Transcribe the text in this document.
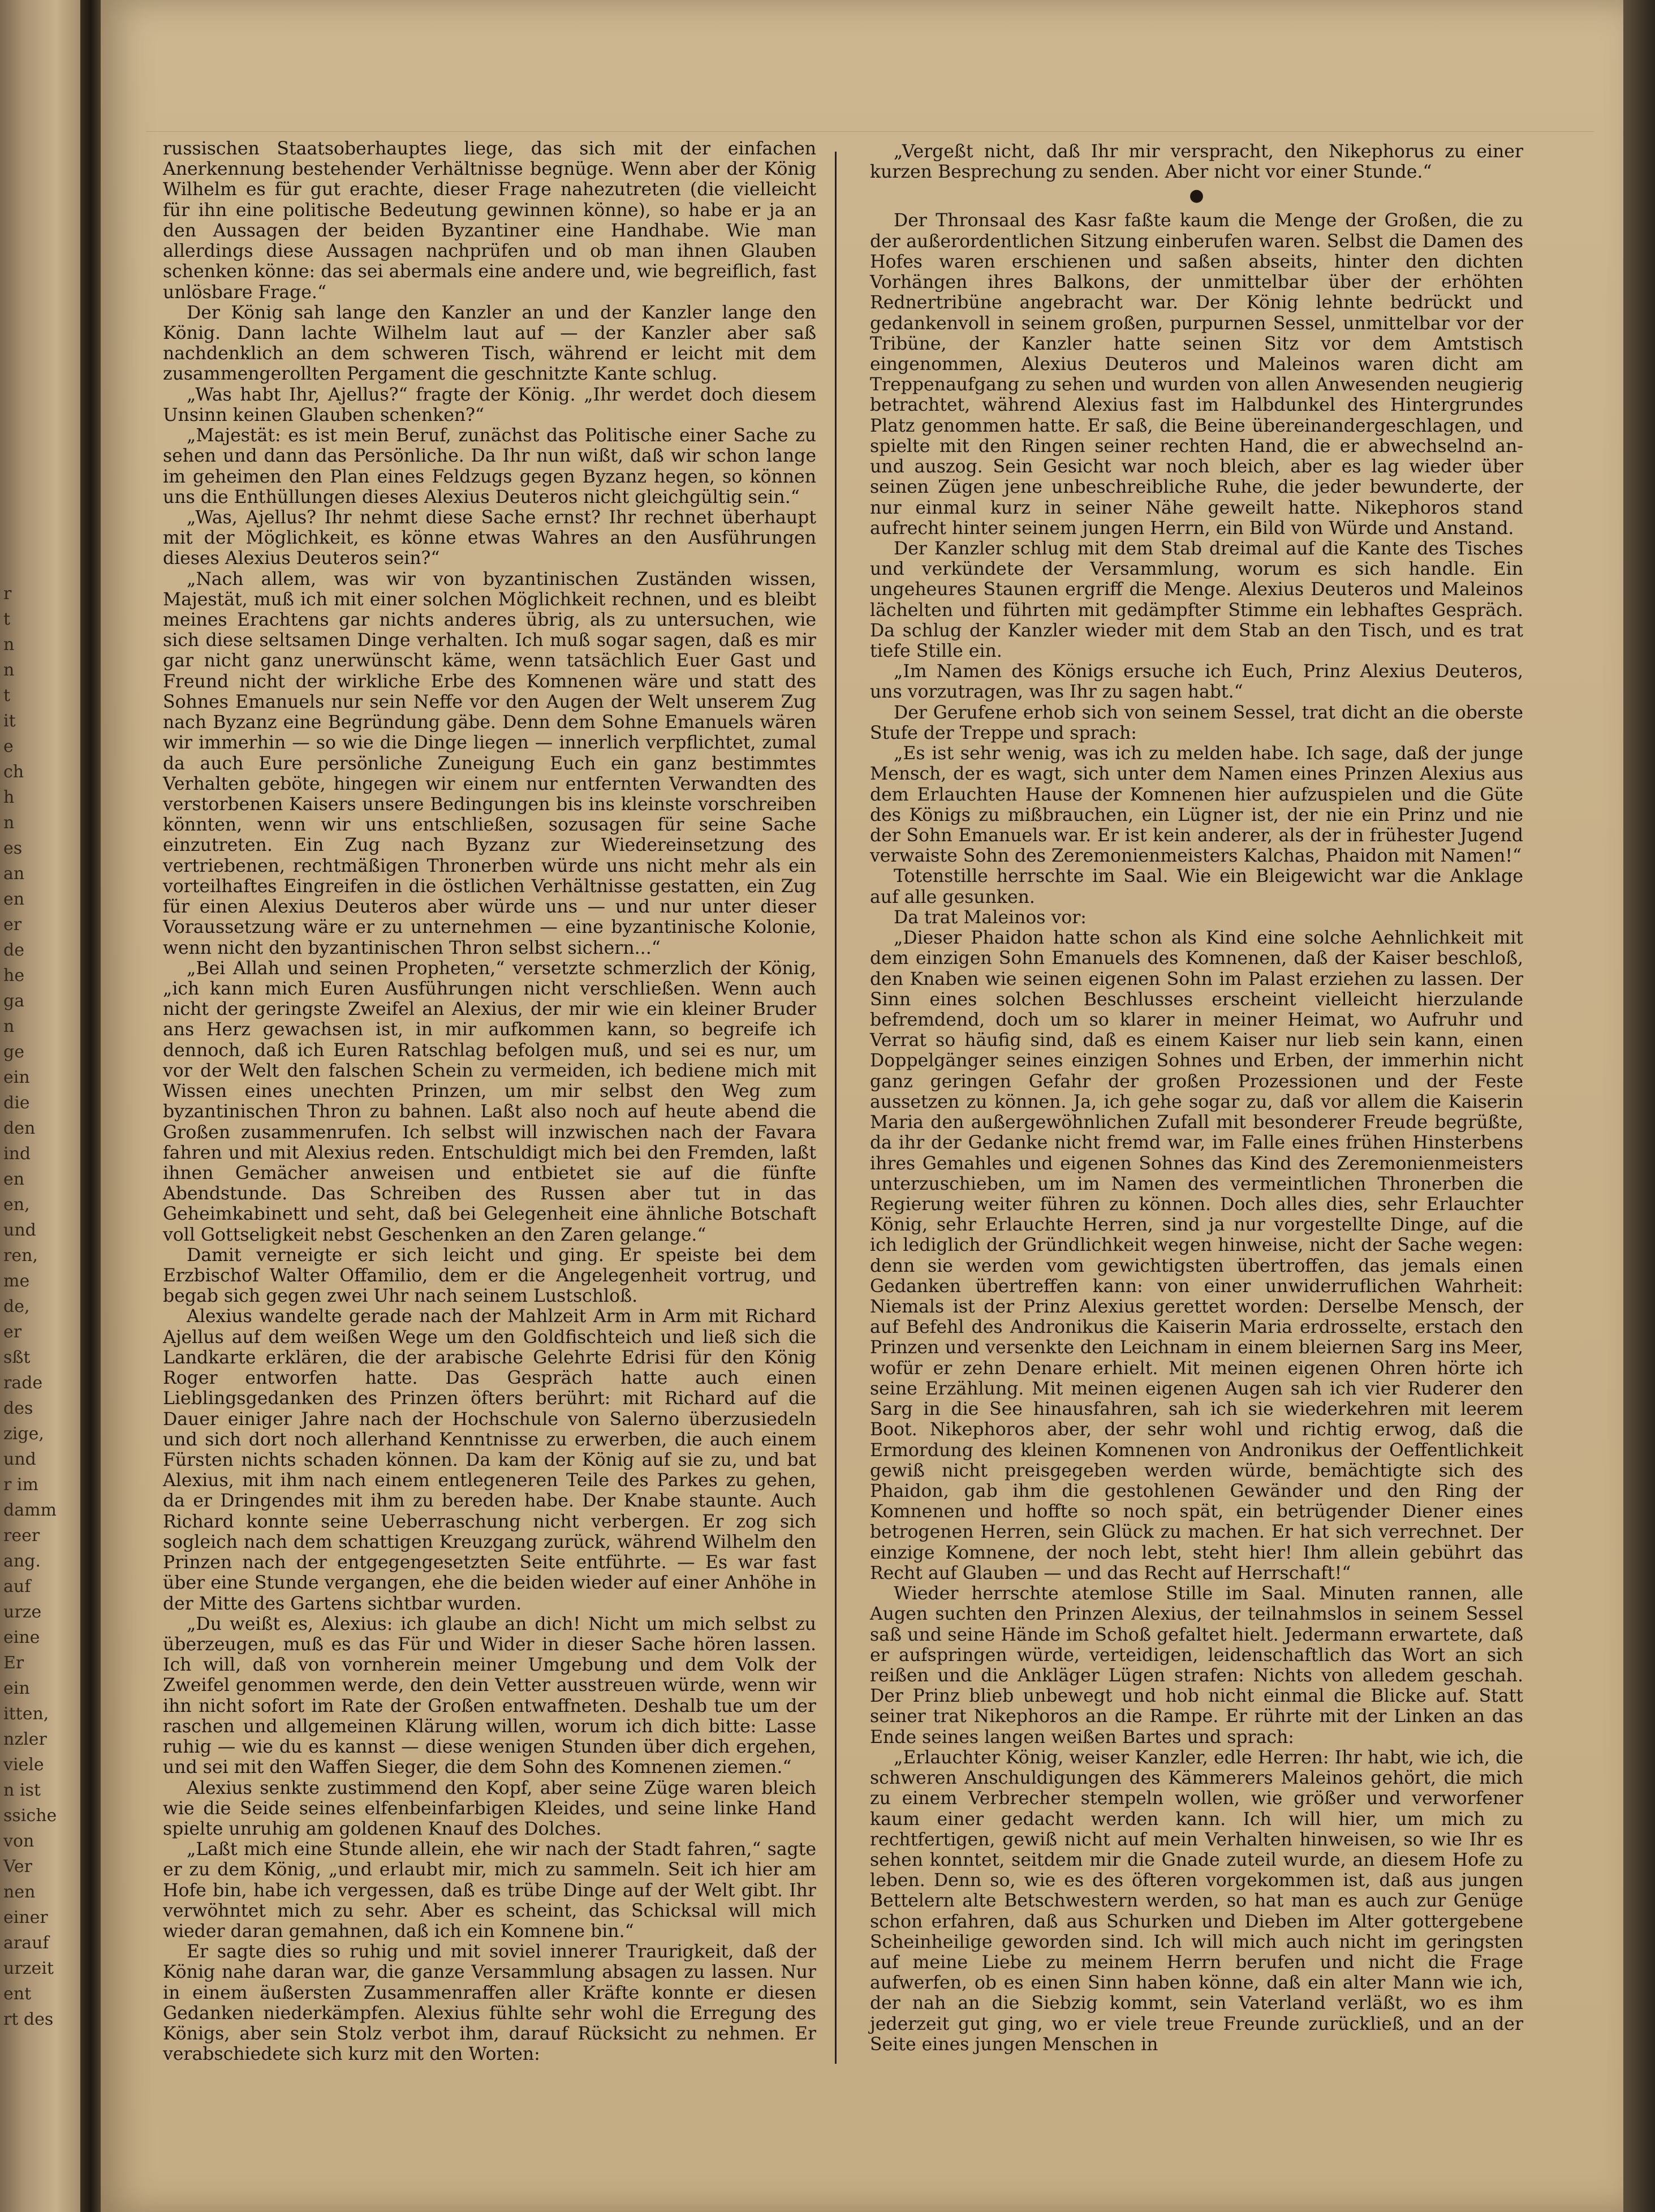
r
t
n
n
t
it
e
ch
h
n
es
an
en
er
de
he
ga
n
ge
ein
die
den
ind
en
en,
und
ren,
me
de,
er
sßt
rade
des
zige,
und
r im
damm
reer
ang.
auf
urze
eine
Er
ein
itten,
nzler
viele
n ist
ssiche
von
Ver
nen
einer
arauf
urzeit
ent
rt des

russischen Staatsoberhauptes liege, das sich mit der einfachen Anerkennung bestehender Verhältnisse begnüge. Wenn aber der König Wilhelm es für gut erachte, dieser Frage nahezutreten (die vielleicht für ihn eine politische Bedeutung gewinnen könne), so habe er ja an den Aussagen der beiden Byzantiner eine Handhabe. Wie man allerdings diese Aussagen nachprüfen und ob man ihnen Glauben schenken könne: das sei abermals eine andere und, wie begreiflich, fast unlösbare Frage.“

Der König sah lange den Kanzler an und der Kanzler lange den König. Dann lachte Wilhelm laut auf — der Kanzler aber saß nachdenklich an dem schweren Tisch, während er leicht mit dem zusammengerollten Pergament die geschnitzte Kante schlug.

„Was habt Ihr, Ajellus?“ fragte der König. „Ihr werdet doch diesem Unsinn keinen Glauben schenken?“

„Majestät: es ist mein Beruf, zunächst das Politische einer Sache zu sehen und dann das Persönliche. Da Ihr nun wißt, daß wir schon lange im geheimen den Plan eines Feldzugs gegen Byzanz hegen, so können uns die Enthüllungen dieses Alexius Deuteros nicht gleichgültig sein.“

„Was, Ajellus? Ihr nehmt diese Sache ernst? Ihr rechnet überhaupt mit der Möglichkeit, es könne etwas Wahres an den Ausführungen dieses Alexius Deuteros sein?“

„Nach allem, was wir von byzantinischen Zuständen wissen, Majestät, muß ich mit einer solchen Möglichkeit rechnen, und es bleibt meines Erachtens gar nichts anderes übrig, als zu untersuchen, wie sich diese seltsamen Dinge verhalten. Ich muß sogar sagen, daß es mir gar nicht ganz unerwünscht käme, wenn tatsächlich Euer Gast und Freund nicht der wirkliche Erbe des Komnenen wäre und statt des Sohnes Emanuels nur sein Neffe vor den Augen der Welt unserem Zug nach Byzanz eine Begründung gäbe. Denn dem Sohne Emanuels wären wir immerhin — so wie die Dinge liegen — innerlich verpflichtet, zumal da auch Eure persönliche Zuneigung Euch ein ganz bestimmtes Verhalten geböte, hingegen wir einem nur entfernten Verwandten des verstorbenen Kaisers unsere Bedingungen bis ins kleinste vorschreiben könnten, wenn wir uns entschließen, sozusagen für seine Sache einzutreten. Ein Zug nach Byzanz zur Wiedereinsetzung des vertriebenen, rechtmäßigen Thronerben würde uns nicht mehr als ein vorteilhaftes Eingreifen in die östlichen Verhältnisse gestatten, ein Zug für einen Alexius Deuteros aber würde uns — und nur unter dieser Voraussetzung wäre er zu unternehmen — eine byzantinische Kolonie, wenn nicht den byzantinischen Thron selbst sichern...“

„Bei Allah und seinen Propheten,“ versetzte schmerzlich der König, „ich kann mich Euren Ausführungen nicht verschließen. Wenn auch nicht der geringste Zweifel an Alexius, der mir wie ein kleiner Bruder ans Herz gewachsen ist, in mir aufkommen kann, so begreife ich dennoch, daß ich Euren Ratschlag befolgen muß, und sei es nur, um vor der Welt den falschen Schein zu vermeiden, ich bediene mich mit Wissen eines unechten Prinzen, um mir selbst den Weg zum byzantinischen Thron zu bahnen. Laßt also noch auf heute abend die Großen zusammenrufen. Ich selbst will inzwischen nach der Favara fahren und mit Alexius reden. Entschuldigt mich bei den Fremden, laßt ihnen Gemächer anweisen und entbietet sie auf die fünfte Abendstunde. Das Schreiben des Russen aber tut in das Geheimkabinett und seht, daß bei Gelegenheit eine ähnliche Botschaft voll Gottseligkeit nebst Geschenken an den Zaren gelange.“

Damit verneigte er sich leicht und ging. Er speiste bei dem Erzbischof Walter Offamilio, dem er die Angelegenheit vortrug, und begab sich gegen zwei Uhr nach seinem Lustschloß.

Alexius wandelte gerade nach der Mahlzeit Arm in Arm mit Richard Ajellus auf dem weißen Wege um den Goldfischteich und ließ sich die Landkarte erklären, die der arabische Gelehrte Edrisi für den König Roger entworfen hatte. Das Gespräch hatte auch einen Lieblingsgedanken des Prinzen öfters berührt: mit Richard auf die Dauer einiger Jahre nach der Hochschule von Salerno überzusiedeln und sich dort noch allerhand Kenntnisse zu erwerben, die auch einem Fürsten nichts schaden können. Da kam der König auf sie zu, und bat Alexius, mit ihm nach einem entlegeneren Teile des Parkes zu gehen, da er Dringendes mit ihm zu bereden habe. Der Knabe staunte. Auch Richard konnte seine Ueberraschung nicht verbergen. Er zog sich sogleich nach dem schattigen Kreuzgang zurück, während Wilhelm den Prinzen nach der entgegengesetzten Seite entführte. — Es war fast über eine Stunde vergangen, ehe die beiden wieder auf einer Anhöhe in der Mitte des Gartens sichtbar wurden.

„Du weißt es, Alexius: ich glaube an dich! Nicht um mich selbst zu überzeugen, muß es das Für und Wider in dieser Sache hören lassen. Ich will, daß von vornherein meiner Umgebung und dem Volk der Zweifel genommen werde, den dein Vetter ausstreuen würde, wenn wir ihn nicht sofort im Rate der Großen entwaffneten. Deshalb tue um der raschen und allgemeinen Klärung willen, worum ich dich bitte: Lasse ruhig — wie du es kannst — diese wenigen Stunden über dich ergehen, und sei mit den Waffen Sieger, die dem Sohn des Komnenen ziemen.“

Alexius senkte zustimmend den Kopf, aber seine Züge waren bleich wie die Seide seines elfenbeinfarbigen Kleides, und seine linke Hand spielte unruhig am goldenen Knauf des Dolches.

„Laßt mich eine Stunde allein, ehe wir nach der Stadt fahren,“ sagte er zu dem König, „und erlaubt mir, mich zu sammeln. Seit ich hier am Hofe bin, habe ich vergessen, daß es trübe Dinge auf der Welt gibt. Ihr verwöhntet mich zu sehr. Aber es scheint, das Schicksal will mich wieder daran gemahnen, daß ich ein Komnene bin.“

Er sagte dies so ruhig und mit soviel innerer Traurigkeit, daß der König nahe daran war, die ganze Versammlung absagen zu lassen. Nur in einem äußersten Zusammenraffen aller Kräfte konnte er diesen Gedanken niederkämpfen. Alexius fühlte sehr wohl die Erregung des Königs, aber sein Stolz verbot ihm, darauf Rücksicht zu nehmen. Er verabschiedete sich kurz mit den Worten:

„Vergeßt nicht, daß Ihr mir verspracht, den Nikephorus zu einer kurzen Besprechung zu senden. Aber nicht vor einer Stunde.“

●

Der Thronsaal des Kasr faßte kaum die Menge der Großen, die zu der außerordentlichen Sitzung einberufen waren. Selbst die Damen des Hofes waren erschienen und saßen abseits, hinter den dichten Vorhängen ihres Balkons, der unmittelbar über der erhöhten Rednertribüne angebracht war. Der König lehnte bedrückt und gedankenvoll in seinem großen, purpurnen Sessel, unmittelbar vor der Tribüne, der Kanzler hatte seinen Sitz vor dem Amtstisch eingenommen, Alexius Deuteros und Maleinos waren dicht am Treppenaufgang zu sehen und wurden von allen Anwesenden neugierig betrachtet, während Alexius fast im Halbdunkel des Hintergrundes Platz genommen hatte. Er saß, die Beine übereinandergeschlagen, und spielte mit den Ringen seiner rechten Hand, die er abwechselnd an- und auszog. Sein Gesicht war noch bleich, aber es lag wieder über seinen Zügen jene unbeschreibliche Ruhe, die jeder bewunderte, der nur einmal kurz in seiner Nähe geweilt hatte. Nikephoros stand aufrecht hinter seinem jungen Herrn, ein Bild von Würde und Anstand.

Der Kanzler schlug mit dem Stab dreimal auf die Kante des Tisches und verkündete der Versammlung, worum es sich handle. Ein ungeheures Staunen ergriff die Menge. Alexius Deuteros und Maleinos lächelten und führten mit gedämpfter Stimme ein lebhaftes Gespräch. Da schlug der Kanzler wieder mit dem Stab an den Tisch, und es trat tiefe Stille ein.

„Im Namen des Königs ersuche ich Euch, Prinz Alexius Deuteros, uns vorzutragen, was Ihr zu sagen habt.“

Der Gerufene erhob sich von seinem Sessel, trat dicht an die oberste Stufe der Treppe und sprach:

„Es ist sehr wenig, was ich zu melden habe. Ich sage, daß der junge Mensch, der es wagt, sich unter dem Namen eines Prinzen Alexius aus dem Erlauchten Hause der Komnenen hier aufzuspielen und die Güte des Königs zu mißbrauchen, ein Lügner ist, der nie ein Prinz und nie der Sohn Emanuels war. Er ist kein anderer, als der in frühester Jugend verwaiste Sohn des Zeremonienmeisters Kalchas, Phaidon mit Namen!“

Totenstille herrschte im Saal. Wie ein Bleigewicht war die Anklage auf alle gesunken.

Da trat Maleinos vor:

„Dieser Phaidon hatte schon als Kind eine solche Aehnlichkeit mit dem einzigen Sohn Emanuels des Komnenen, daß der Kaiser beschloß, den Knaben wie seinen eigenen Sohn im Palast erziehen zu lassen. Der Sinn eines solchen Beschlusses erscheint vielleicht hierzulande befremdend, doch um so klarer in meiner Heimat, wo Aufruhr und Verrat so häufig sind, daß es einem Kaiser nur lieb sein kann, einen Doppelgänger seines einzigen Sohnes und Erben, der immerhin nicht ganz geringen Gefahr der großen Prozessionen und der Feste aussetzen zu können. Ja, ich gehe sogar zu, daß vor allem die Kaiserin Maria den außergewöhnlichen Zufall mit besonderer Freude begrüßte, da ihr der Gedanke nicht fremd war, im Falle eines frühen Hinsterbens ihres Gemahles und eigenen Sohnes das Kind des Zeremonienmeisters unterzuschieben, um im Namen des vermeintlichen Thronerben die Regierung weiter führen zu können. Doch alles dies, sehr Erlauchter König, sehr Erlauchte Herren, sind ja nur vorgestellte Dinge, auf die ich lediglich der Gründlichkeit wegen hinweise, nicht der Sache wegen: denn sie werden vom gewichtigsten übertroffen, das jemals einen Gedanken übertreffen kann: von einer unwiderruflichen Wahrheit: Niemals ist der Prinz Alexius gerettet worden: Derselbe Mensch, der auf Befehl des Andronikus die Kaiserin Maria erdrosselte, erstach den Prinzen und versenkte den Leichnam in einem bleiernen Sarg ins Meer, wofür er zehn Denare erhielt. Mit meinen eigenen Ohren hörte ich seine Erzählung. Mit meinen eigenen Augen sah ich vier Ruderer den Sarg in die See hinausfahren, sah ich sie wiederkehren mit leerem Boot. Nikephoros aber, der sehr wohl und richtig erwog, daß die Ermordung des kleinen Komnenen von Andronikus der Oeffentlichkeit gewiß nicht preisgegeben werden würde, bemächtigte sich des Phaidon, gab ihm die gestohlenen Gewänder und den Ring der Komnenen und hoffte so noch spät, ein betrügender Diener eines betrogenen Herren, sein Glück zu machen. Er hat sich verrechnet. Der einzige Komnene, der noch lebt, steht hier! Ihm allein gebührt das Recht auf Glauben — und das Recht auf Herrschaft!“

Wieder herrschte atemlose Stille im Saal. Minuten rannen, alle Augen suchten den Prinzen Alexius, der teilnahmslos in seinem Sessel saß und seine Hände im Schoß gefaltet hielt. Jedermann erwartete, daß er aufspringen würde, verteidigen, leidenschaftlich das Wort an sich reißen und die Ankläger Lügen strafen: Nichts von alledem geschah. Der Prinz blieb unbewegt und hob nicht einmal die Blicke auf. Statt seiner trat Nikephoros an die Rampe. Er rührte mit der Linken an das Ende seines langen weißen Bartes und sprach:

„Erlauchter König, weiser Kanzler, edle Herren: Ihr habt, wie ich, die schweren Anschuldigungen des Kämmerers Maleinos gehört, die mich zu einem Verbrecher stempeln wollen, wie größer und verworfener kaum einer gedacht werden kann. Ich will hier, um mich zu rechtfertigen, gewiß nicht auf mein Verhalten hinweisen, so wie Ihr es sehen konntet, seitdem mir die Gnade zuteil wurde, an diesem Hofe zu leben. Denn so, wie es des öfteren vorgekommen ist, daß aus jungen Bettelern alte Betschwestern werden, so hat man es auch zur Genüge schon erfahren, daß aus Schurken und Dieben im Alter gottergebene Scheinheilige geworden sind. Ich will mich auch nicht im geringsten auf meine Liebe zu meinem Herrn berufen und nicht die Frage aufwerfen, ob es einen Sinn haben könne, daß ein alter Mann wie ich, der nah an die Siebzig kommt, sein Vaterland verläßt, wo es ihm jederzeit gut ging, wo er viele treue Freunde zurückließ, und an der Seite eines jungen Menschen in
